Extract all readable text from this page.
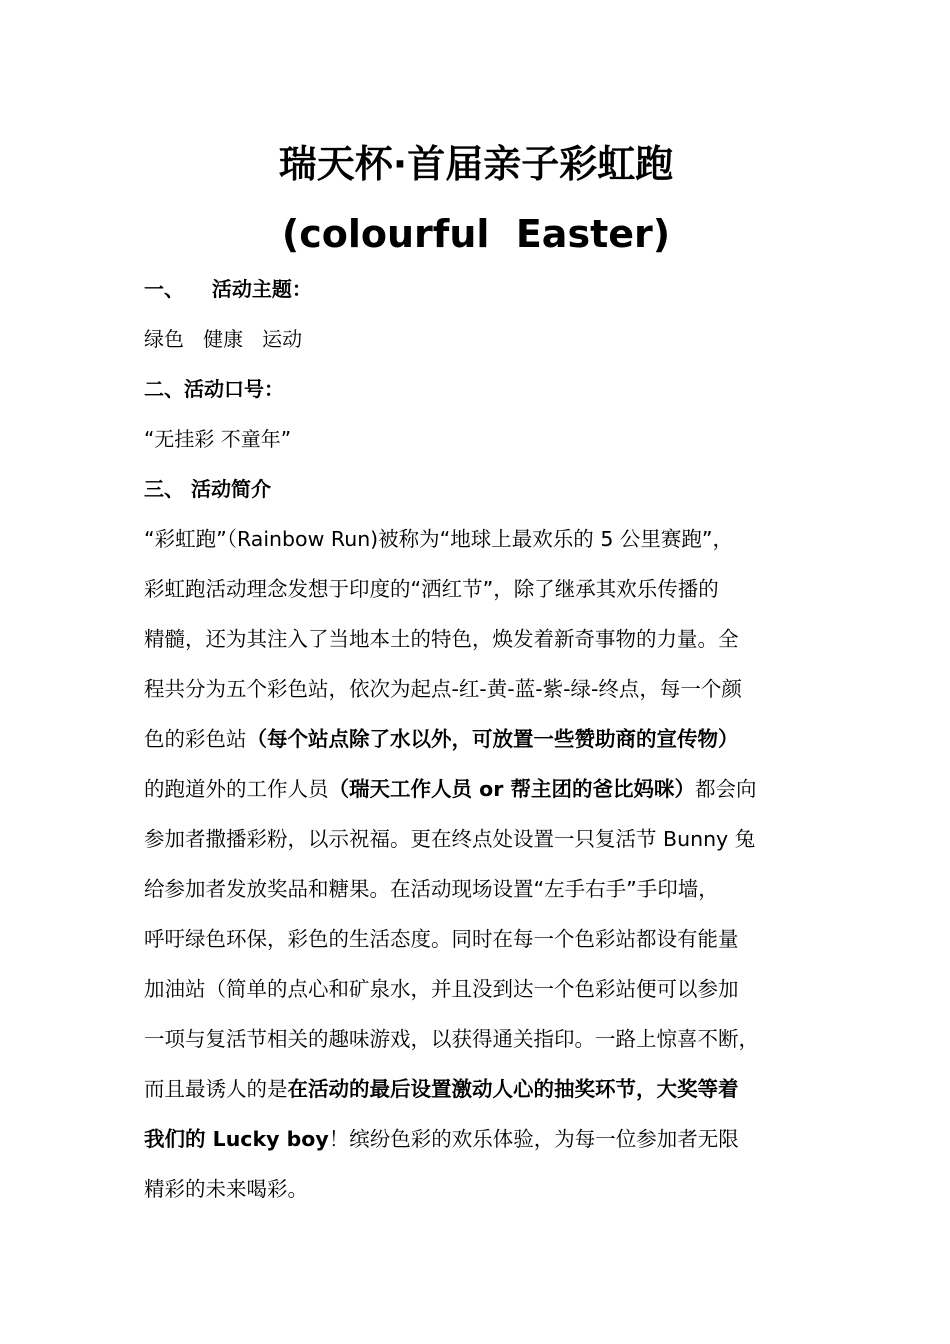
瑞天杯·首届亲子彩虹跑
(colourful  Easter)

一、    活动主题：

绿色   健康   运动

二、活动口号：

“无挂彩 不童年”

三、 活动简介

“彩虹跑”（Rainbow Run)被称为“地球上最欢乐的 5 公里赛跑”，

彩虹跑活动理念发想于印度的“洒红节”，除了继承其欢乐传播的

精髓，还为其注入了当地本土的特色，焕发着新奇事物的力量。全

程共分为五个彩色站，依次为起点-红-黄-蓝-紫-绿-终点，每一个颜

色的彩色站（每个站点除了水以外，可放置一些赞助商的宣传物）

的跑道外的工作人员（瑞天工作人员 or 帮主团的爸比妈咪）都会向

参加者撒播彩粉，以示祝福。更在终点处设置一只复活节 Bunny 兔

给参加者发放奖品和糖果。在活动现场设置“左手右手”手印墙，

呼吁绿色环保，彩色的生活态度。同时在每一个色彩站都设有能量

加油站（简单的点心和矿泉水，并且没到达一个色彩站便可以参加

一项与复活节相关的趣味游戏，以获得通关指印。一路上惊喜不断，

而且最诱人的是在活动的最后设置激动人心的抽奖环节，大奖等着

我们的 Lucky boy！缤纷色彩的欢乐体验，为每一位参加者无限

精彩的未来喝彩。
